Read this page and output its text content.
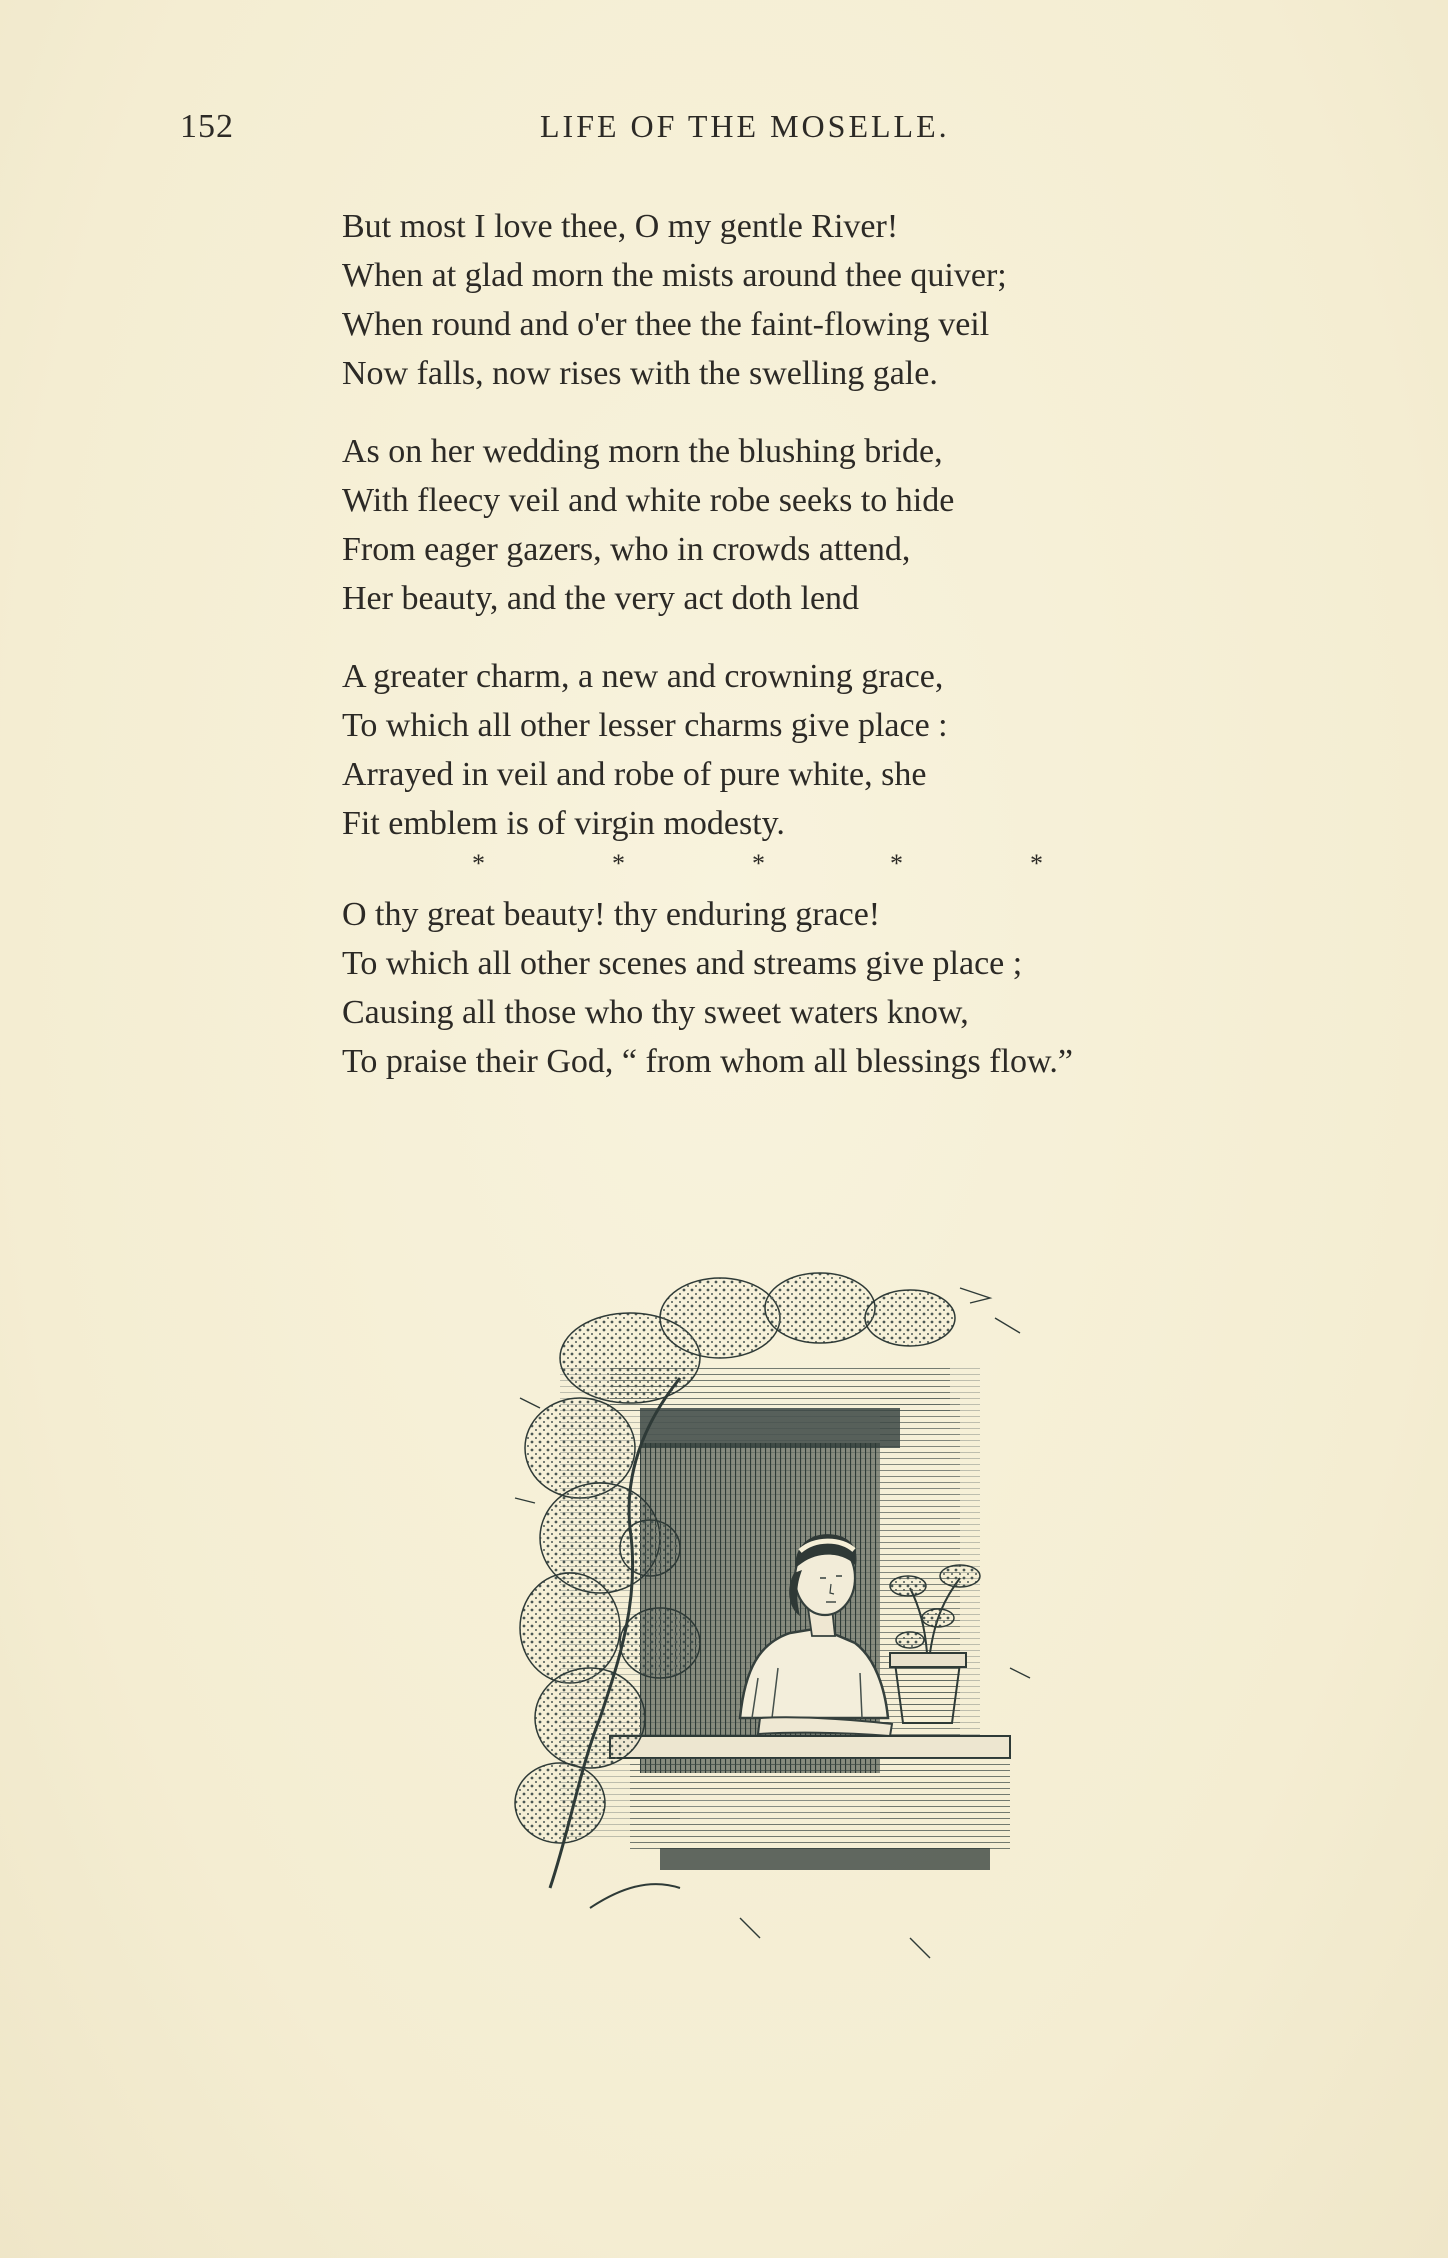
152	LIFE OF THE MOSELLE.
But most I love thee, O my gentle River!
When at glad morn the mists around thee quiver;
When round and o'er thee the faint-flowing veil
Now falls, now rises with the swelling gale.
As on her wedding morn the blushing bride,
With fleecy veil and white robe seeks to hide
From eager gazers, who in crowds attend,
Her beauty, and the very act doth lend
A greater charm, a new and crowning grace,
To which all other lesser charms give place :
Arrayed in veil and robe of pure white, she
Fit emblem is of virgin modesty.
*	*	*	*	*
O thy great beauty! thy enduring grace!
To which all other scenes and streams give place ;
Causing all those who thy sweet waters know,
To praise their God, “ from whom all blessings flow.”
